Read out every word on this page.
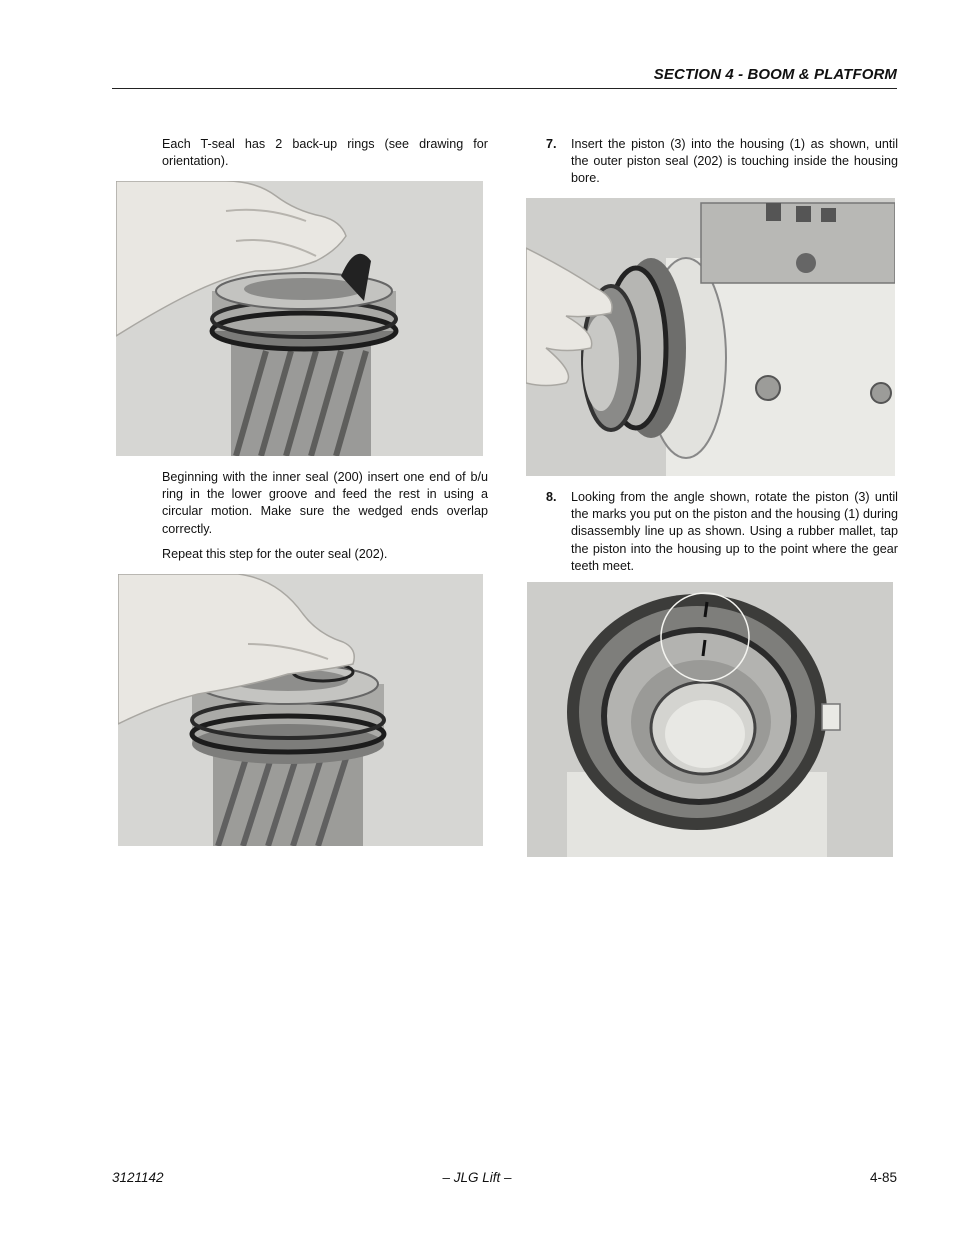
SECTION 4 - BOOM & PLATFORM
Each T-seal has 2 back-up rings (see drawing for orientation).
Beginning with the inner seal (200) insert one end of b/u ring in the lower groove and feed the rest in using a circular motion. Make sure the wedged ends overlap correctly.
Repeat this step for the outer seal (202).
7. Insert the piston (3) into the housing (1) as shown, until the outer piston seal (202) is touching inside the housing bore.
8. Looking from the angle shown, rotate the piston (3) until the marks you put on the piston and the housing (1) during disassembly line up as shown. Using a rubber mallet, tap the piston into the housing up to the point where the gear teeth meet.
3121142	– JLG Lift –	4-85
